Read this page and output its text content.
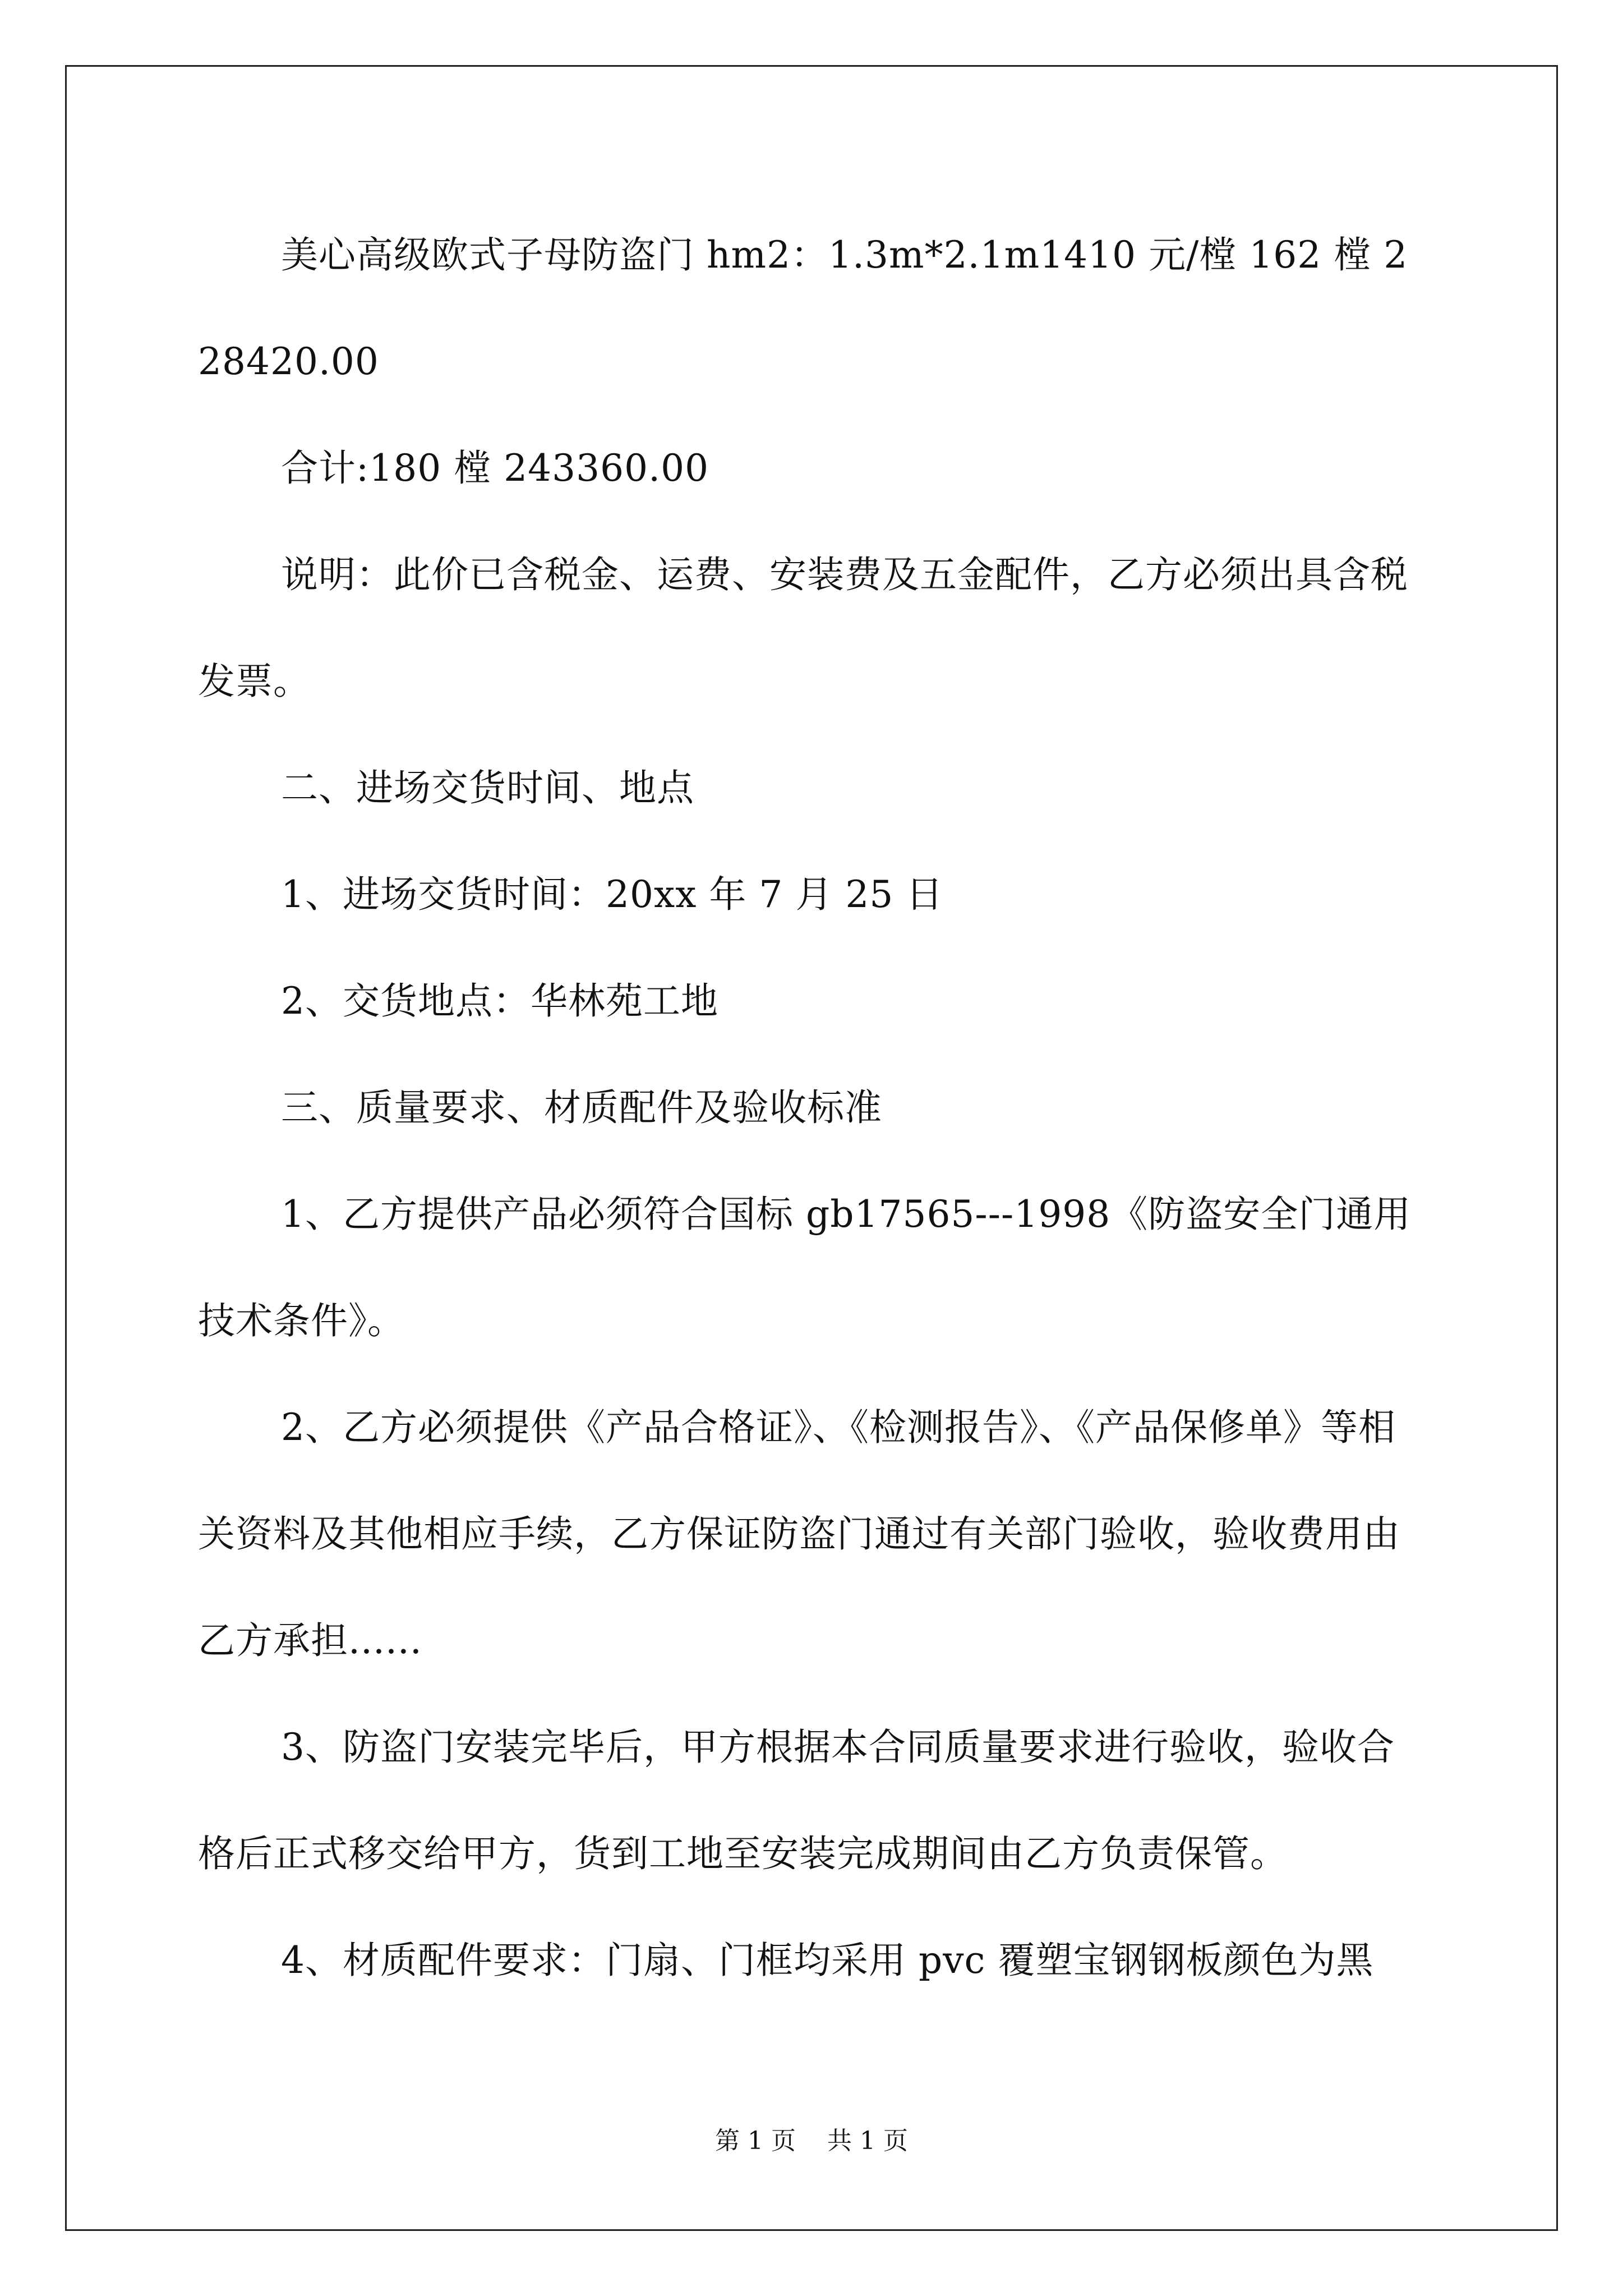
美心高级欧式子母防盗门 hm2：1.3m*2.1m1410 元/樘 162 樘 228420.00

合计:180 樘 243360.00

说明：此价已含税金、运费、安装费及五金配件，乙方必须出具含税发票。

二、进场交货时间、地点

1、进场交货时间：20xx 年 7 月 25 日

2、交货地点：华林苑工地

三、质量要求、材质配件及验收标准

1、乙方提供产品必须符合国标 gb17565---1998《防盗安全门通用技术条件》。

2、乙方必须提供《产品合格证》、《检测报告》、《产品保修单》等相关资料及其他相应手续，乙方保证防盗门通过有关部门验收，验收费用由乙方承担......

3、防盗门安装完毕后，甲方根据本合同质量要求进行验收，验收合格后正式移交给甲方，货到工地至安装完成期间由乙方负责保管。

4、材质配件要求：门扇、门框均采用 pvc 覆塑宝钢钢板颜色为黑

第 1 页 共 1 页
